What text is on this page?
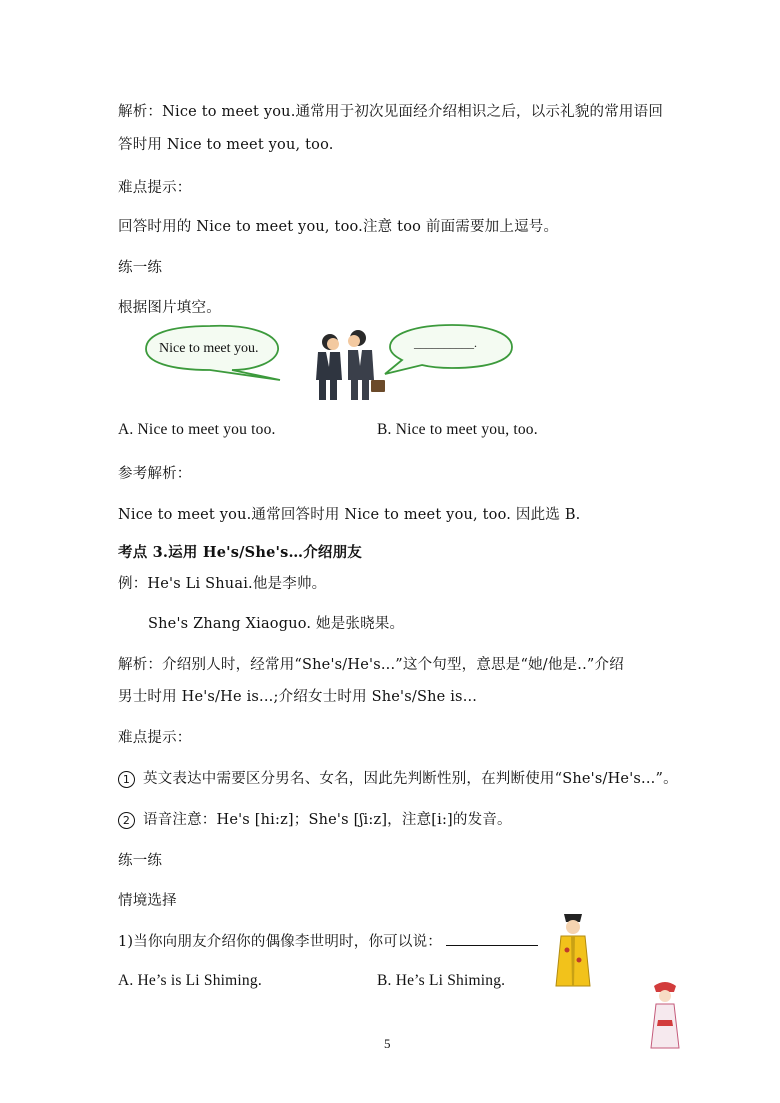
解析：Nice to meet you.通常用于初次见面经介绍相识之后，以示礼貌的常用语回
答时用 Nice to meet you, too.
难点提示：
回答时用的 Nice to meet you, too.注意 too 前面需要加上逗号。
练一练
根据图片填空。
Nice to meet you.	__________.
A. Nice to meet you too.	B. Nice to meet you, too.
参考解析：
Nice to meet you.通常回答时用 Nice to meet you, too. 因此选 B.
考点 3.运用 He's/She's…介绍朋友
例：He's Li Shuai.他是李帅。
She's Zhang Xiaoguo. 她是张晓果。
解析：介绍别人时，经常用“She's/He's...”这个句型，意思是“她/他是..”介绍
男士时用 He's/He is...;介绍女士时用 She's/She is...
难点提示：
1 英文表达中需要区分男名、女名，因此先判断性别，在判断使用“She's/He's...”。
2 语音注意：He's [hi:z]；She's [ʃi:z]，注意[i:]的发音。
练一练
情境选择
1)当你向朋友介绍你的偶像李世明时，你可以说：
A. He’s is Li Shiming.	B. He’s Li Shiming.
5
